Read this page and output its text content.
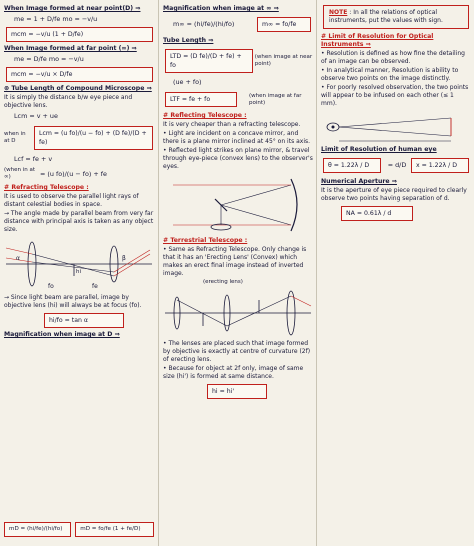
When Image formed at near point(D) ⇒
me = 1 + D/fe mo = −v/u
mcm = −v/u (1 + D/fe)
When Image formed at far point (∞) ⇒
me = D/fe mo = −v/u
mcm = −v/u × D/fe
⊛ Tube Length of Compound Microscope ⇒
It is simply the distance b/w eye piece and objective lens.
Lcm = v + ue
when in at D
Lcm = (u fo)/(u − fo) + (D fe)/(D + fe)
Lcf = fe + v
(when in at ∞)	= (u fo)/(u − fo) + fe
# Refracting Telescope :
It is used to observe the parallel light rays of distant celestial bodies in space.
→ The angle made by parallel beam from very far distance with principal axis is taken as any object size.
fo	fe
α	β
hi
→ Since light beam are parallel, image by objective lens (hi) will always be at focus (fo).
hi/fo = tan α
Magnification when image at D ⇒
Magnification when image at ∞ ⇒
m∞ = (hi/fe)/(hi/fo)	m∞ = fo/fe
Tube Length ⇒
LTD = (D fe)/(D + fe) + fo
(when image at near point)
(ue + fo)
LTF = fe + fo
(when image at far point)
# Reflecting Telescope :
It is very cheaper than a refracting telescope.
• Light are incident on a concave mirror, and there is a plane mirror inclined at 45° on its axis.
• Reflected light strikes on plane mirror, & travel through eye-piece (convex lens) to the observer's eyes.
# Terrestrial Telescope :
• Same as Refracting Telescope. Only change is that it has an 'Erecting Lens' (Convex) which makes an erect final image instead of inverted image.
(erecting lens)
• The lenses are placed such that image formed by objective is exactly at centre of curvature (2f) of erecting lens.
• Because for object at 2f only, image of same size (hi') is formed at same distance.
hi = hi'
NOTE : In all the relations of optical instruments, put the values with sign.
# Limit of Resolution for Optical Instruments ⇒
• Resolution is defined as how fine the detailing of an image can be observed.
• In analytical manner, Resolution is ability to observe two points on the image distinctly.
• For poorly resolved observation, the two points will appear to be infused on each other (≤ 1 mm).
Limit of Resolution of human eye
θ = 1.22λ / D	= d/D	x = 1.22λ / D
Numerical Aperture ⇒
It is the aperture of eye piece required to clearly observe two points having separation of d.
NA = 0.61λ / d
mD = (hi/fe)/(hi/fo)	mD = fo/fe (1 + fe/D)
